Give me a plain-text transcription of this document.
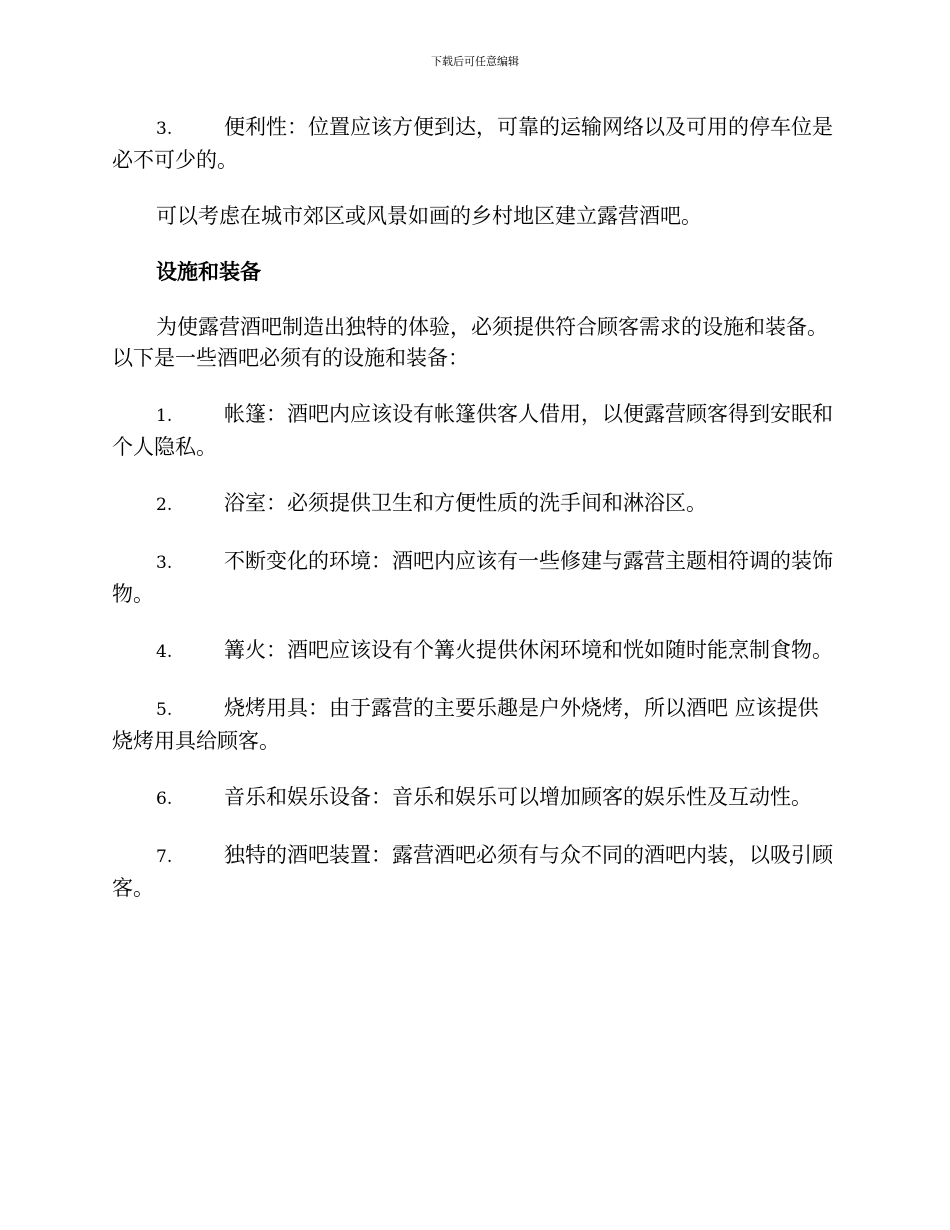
下载后可任意编辑

3. 便利性：位置应该方便到达，可靠的运输网络以及可用的停车位是必不可少的。

可以考虑在城市郊区或风景如画的乡村地区建立露营酒吧。

设施和装备

为使露营酒吧制造出独特的体验，必须提供符合顾客需求的设施和装备。以下是一些酒吧必须有的设施和装备：

1. 帐篷：酒吧内应该设有帐篷供客人借用，以便露营顾客得到安眠和个人隐私。

2. 浴室：必须提供卫生和方便性质的洗手间和淋浴区。

3. 不断变化的环境：酒吧内应该有一些修建与露营主题相符调的装饰物。

4. 篝火：酒吧应该设有个篝火提供休闲环境和恍如随时能烹制食物。

5. 烧烤用具：由于露营的主要乐趣是户外烧烤，所以酒吧 应该提供烧烤用具给顾客。

6. 音乐和娱乐设备：音乐和娱乐可以增加顾客的娱乐性及互动性。

7. 独特的酒吧装置：露营酒吧必须有与众不同的酒吧内装，以吸引顾客。
